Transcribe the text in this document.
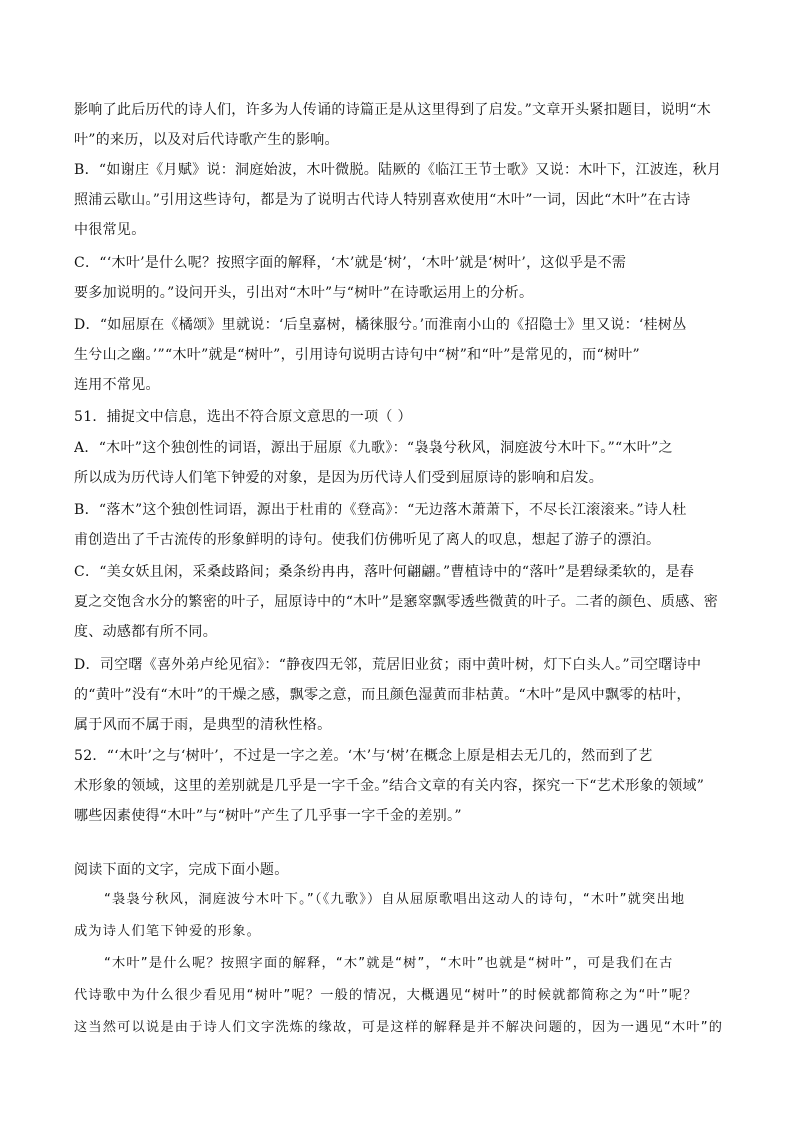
影响了此后历代的诗人们，许多为人传诵的诗篇正是从这里得到了启发。”文章开头紧扣题目，说明“木
叶”的来历，以及对后代诗歌产生的影响。
B．“如谢庄《月赋》说：洞庭始波，木叶微脱。陆厥的《临江王节士歌》又说：木叶下，江波连，秋月
照浦云歇山。”引用这些诗句，都是为了说明古代诗人特别喜欢使用“木叶”一词，因此“木叶”在古诗
中很常见。
C．“‘木叶’是什么呢？按照字面的解释，‘木’就是‘树’，‘木叶’就是‘树叶’，这似乎是不需
要多加说明的。”设问开头，引出对“木叶”与“树叶”在诗歌运用上的分析。
D．“如屈原在《橘颂》里就说：‘后皇嘉树，橘徕服兮。’而淮南小山的《招隐士》里又说：‘桂树丛
生兮山之幽。’”“木叶”就是“树叶”，引用诗句说明古诗句中“树”和“叶”是常见的，而“树叶”
连用不常见。
51．捕捉文中信息，选出不符合原文意思的一项（ ）
A．“木叶”这个独创性的词语，源出于屈原《九歌》：“袅袅兮秋风，洞庭波兮木叶下。”“木叶”之
所以成为历代诗人们笔下钟爱的对象，是因为历代诗人们受到屈原诗的影响和启发。
B．“落木”这个独创性词语，源出于杜甫的《登高》：“无边落木萧萧下，不尽长江滚滚来。”诗人杜
甫创造出了千古流传的形象鲜明的诗句。使我们仿佛听见了离人的叹息，想起了游子的漂泊。
C．“美女妖且闲，采桑歧路间；桑条纷冉冉，落叶何翩翩。”曹植诗中的“落叶”是碧绿柔软的，是春
夏之交饱含水分的繁密的叶子，屈原诗中的“木叶”是窸窣飘零透些微黄的叶子。二者的颜色、质感、密
度、动感都有所不同。
D．司空曙《喜外弟卢纶见宿》：“静夜四无邻，荒居旧业贫；雨中黄叶树，灯下白头人。”司空曙诗中
的“黄叶”没有“木叶”的干燥之感，飘零之意，而且颜色湿黄而非枯黄。“木叶”是风中飘零的枯叶，
属于风而不属于雨，是典型的清秋性格。
52．“‘木叶’之与‘树叶’，不过是一字之差。‘木’与‘树’在概念上原是相去无几的，然而到了艺
术形象的领域，这里的差别就是几乎是一字千金。”结合文章的有关内容，探究一下“艺术形象的领域”
哪些因素使得“木叶”与“树叶”产生了几乎事一字千金的差别。”
阅读下面的文字，完成下面小题。
“袅袅兮秋风，洞庭波兮木叶下。”（《九歌》）自从屈原歌唱出这动人的诗句，“木叶”就突出地
成为诗人们笔下钟爱的形象。
“木叶”是什么呢？按照字面的解释，“木”就是“树”，“木叶”也就是“树叶”，可是我们在古
代诗歌中为什么很少看见用“树叶”呢？一般的情况，大概遇见“树叶”的时候就都简称之为“叶”呢？
这当然可以说是由于诗人们文字洗炼的缘故，可是这样的解释是并不解决问题的，因为一遇见“木叶”的
